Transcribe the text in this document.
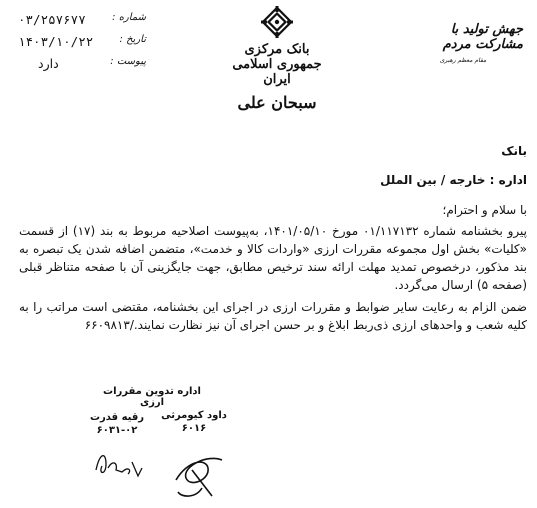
۰۳/۲۵۷۶۷۷	شماره :
۱۴۰۳/۱۰/۲۲	تاریخ :
دارد	پیوست :
بانک مرکزی جمهوری اسلامی ایران
سبحان علی
جهش تولید با مشارکت مردم
مقام معظم رهبری

بانک

اداره : خارجه / بین الملل

با سلام و احترام؛

پیرو بخشنامه شماره ۰۱/۱۱۷۱۳۲ مورخ ۱۴۰۱/۰۵/۱۰، به‌پیوست اصلاحیه مربوط به بند (۱۷) از قسمت «کلیات» بخش اول مجموعه مقررات ارزی «واردات کالا و خدمت»، متضمن اضافه شدن یک تبصره به بند مذکور، درخصوص تمدید مهلت ارائه سند ترخیص مطابق، جهت جایگزینی آن با صفحه متناظر قبلی (صفحه ۵) ارسال می‌گردد.

ضمن الزام به رعایت سایر ضوابط و مقررات ارزی در اجرای این بخشنامه، مقتضی است مراتب را به کلیه شعب و واحدهای ارزی ذی‌ربط ابلاغ و بر حسن اجرای آن نیز نظارت نمایند./۶۶۰۹۸۱۳

اداره تدوین مقررات ارزی
داود کیومرثی
۶۰۱۶
رقیه قدرت
۶۰۳۱-۰۲
